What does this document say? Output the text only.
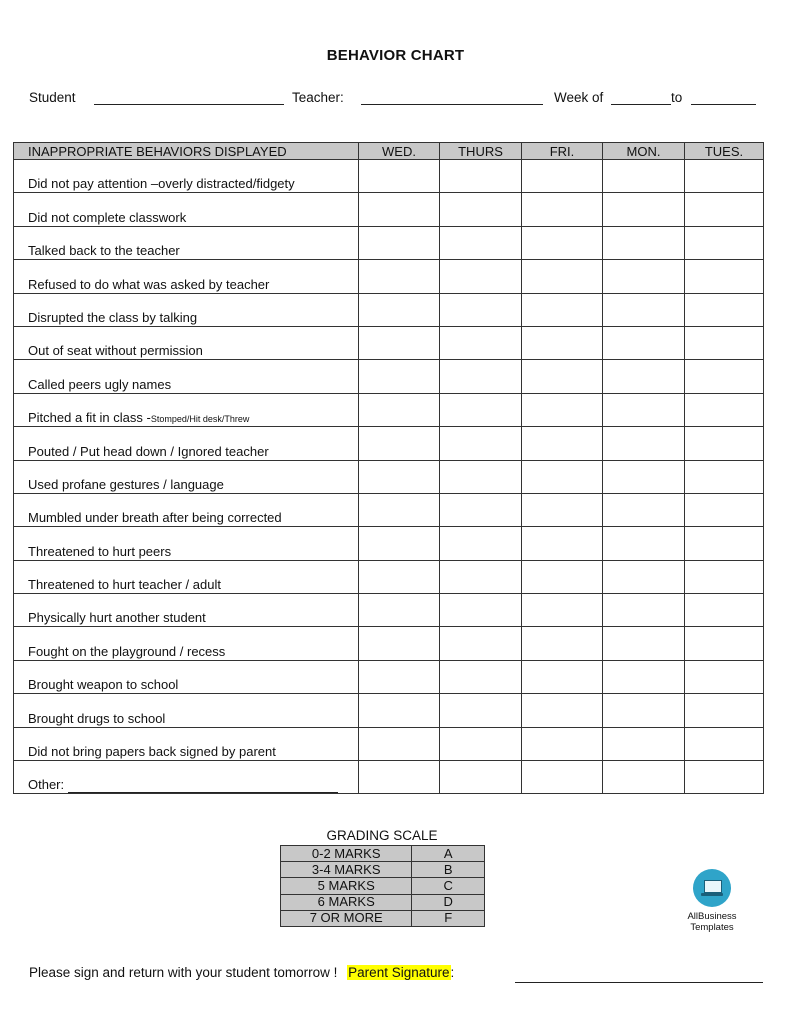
BEHAVIOR CHART
Student	Teacher:	Week of	to
INAPPROPRIATE BEHAVIORS DISPLAYED	WED.	THURS	FRI.	MON.	TUES.
Did not pay attention –overly distracted/fidgety					
Did not complete classwork					
Talked back to the teacher					
Refused to do what was asked by teacher					
Disrupted the class by talking					
Out of seat without permission					
Called peers ugly names					
Pitched a fit in class -Stomped/Hit desk/Threw					
Pouted / Put head down / Ignored teacher					
Used profane gestures / language					
Mumbled under breath after being corrected					
Threatened to hurt peers					
Threatened to hurt teacher / adult					
Physically hurt another student					
Fought on the playground / recess					
Brought weapon to school					
Brought drugs to school					
Did not bring papers back signed by parent					
Other:					
GRADING SCALE
0-2 MARKS	A
3-4 MARKS	B
5 MARKS	C
6 MARKS	D
7 OR MORE	F	AllBusiness
Templates
Please sign and return with your student tomorrow ! Parent Signature:
